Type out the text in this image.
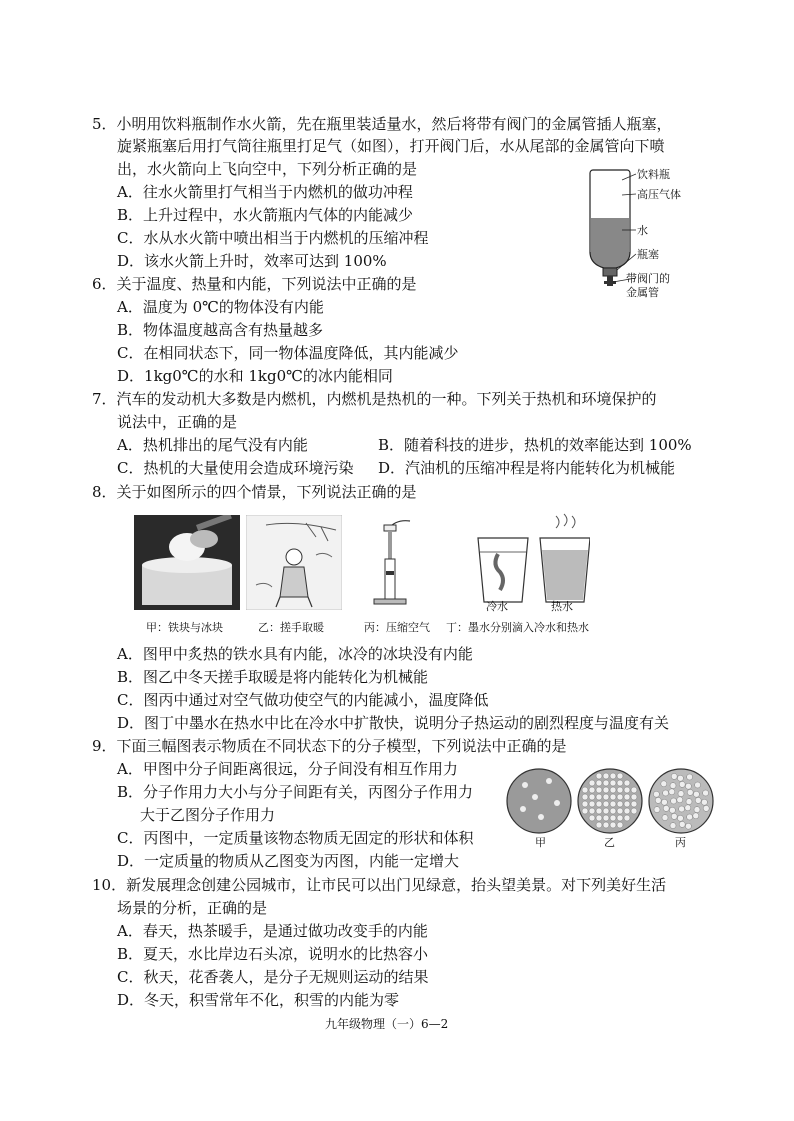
5．小明用饮料瓶制作水火箭，先在瓶里装适量水，然后将带有阀门的金属管插人瓶塞，
旋紧瓶塞后用打气筒往瓶里打足气（如图），打开阀门后，水从尾部的金属管向下喷
出，水火箭向上飞向空中，下列分析正确的是
A．往水火箭里打气相当于内燃机的做功冲程
B．上升过程中，水火箭瓶内气体的内能减少
C．水从水火箭中喷出相当于内燃机的压缩冲程
D．该水火箭上升时，效率可达到 100%
饮料瓶
高压气体
水
瓶塞
带阀门的
金属管
6．关于温度、热量和内能，下列说法中正确的是
A．温度为 0℃的物体没有内能
B．物体温度越高含有热量越多
C．在相同状态下，同一物体温度降低，其内能减少
D．1kg0℃的水和 1kg0℃的冰内能相同
7．汽车的发动机大多数是内燃机，内燃机是热机的一种。下列关于热机和环境保护的
说法中，正确的是
A．热机排出的尾气没有内能	B．随着科技的进步，热机的效率能达到 100%
C．热机的大量使用会造成环境污染 D．汽油机的压缩冲程是将内能转化为机械能
8．关于如图所示的四个情景，下列说法正确的是
冷水	热水
甲：铁块与冰块	乙：搓手取暖	丙：压缩空气 丁：墨水分别滴入冷水和热水
A．图甲中炙热的铁水具有内能，冰冷的冰块没有内能
B．图乙中冬天搓手取暖是将内能转化为机械能
C．图丙中通过对空气做功使空气的内能减小，温度降低
D．图丁中墨水在热水中比在冷水中扩散快，说明分子热运动的剧烈程度与温度有关
9．下面三幅图表示物质在不同状态下的分子模型，下列说法中正确的是
A．甲图中分子间距离很远，分子间没有相互作用力
B．分子作用力大小与分子间距有关，丙图分子作用力
大于乙图分子作用力
C．丙图中，一定质量该物态物质无固定的形状和体积
D．一定质量的物质从乙图变为丙图，内能一定增大
甲	乙	丙
10．新发展理念创建公园城市，让市民可以出门见绿意，抬头望美景。对下列美好生活
场景的分析，正确的是
A．春天，热茶暖手，是通过做功改变手的内能
B．夏天，水比岸边石头凉，说明水的比热容小
C．秋天，花香袭人，是分子无规则运动的结果
D．冬天，积雪常年不化，积雪的内能为零
九年级物理（一）6—2
